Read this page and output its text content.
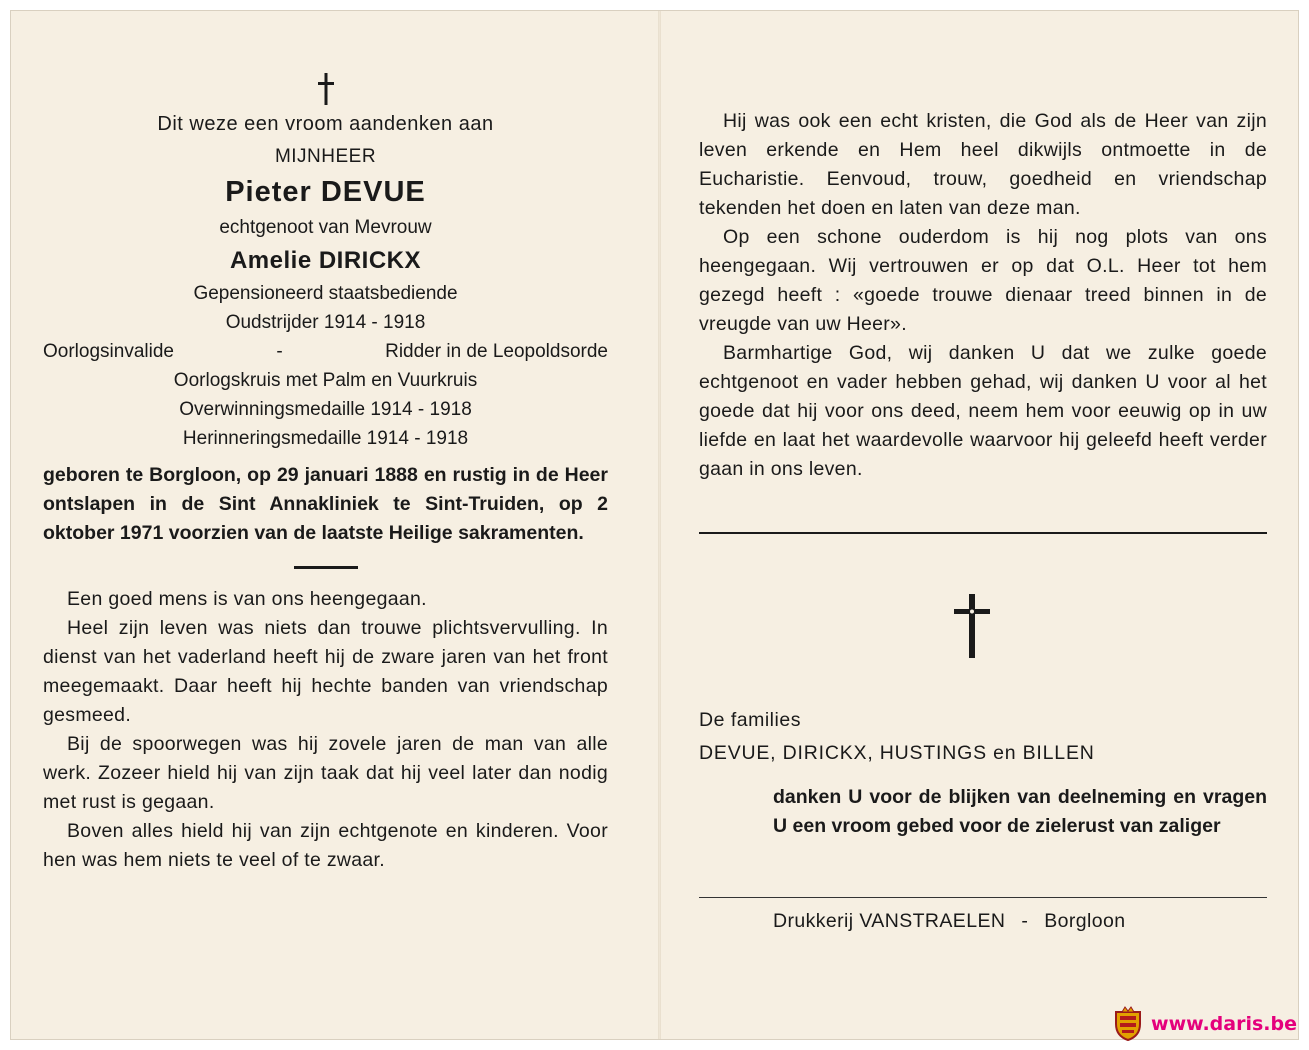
Dit weze een vroom aandenken aan
MIJNHEER
Pieter DEVUE
echtgenoot van Mevrouw
Amelie DIRICKX
Gepensioneerd staatsbediende
Oudstrijder 1914 - 1918
Oorlogsinvalide	-	Ridder in de Leopoldsorde
Oorlogskruis met Palm en Vuurkruis
Overwinningsmedaille 1914 - 1918
Herinneringsmedaille 1914 - 1918
geboren te Borgloon, op 29 januari 1888 en rustig in de Heer ontslapen in de Sint Annakliniek te Sint-Truiden, op 2 oktober 1971 voorzien van de laatste Heilige sakramenten.
Een goed mens is van ons heengegaan.
Heel zijn leven was niets dan trouwe plichtsvervulling. In dienst van het vaderland heeft hij de zware jaren van het front meegemaakt. Daar heeft hij hechte banden van vriendschap gesmeed.
Bij de spoorwegen was hij zovele jaren de man van alle werk. Zozeer hield hij van zijn taak dat hij veel later dan nodig met rust is gegaan.
Boven alles hield hij van zijn echtgenote en kinderen. Voor hen was hem niets te veel of te zwaar.
Hij was ook een echt kristen, die God als de Heer van zijn leven erkende en Hem heel dikwijls ontmoette in de Eucharistie. Eenvoud, trouw, goedheid en vriendschap tekenden het doen en laten van deze man.
Op een schone ouderdom is hij nog plots van ons heengegaan. Wij vertrouwen er op dat O.L. Heer tot hem gezegd heeft : «goede trouwe dienaar treed binnen in de vreugde van uw Heer».
Barmhartige God, wij danken U dat we zulke goede echtgenoot en vader hebben gehad, wij danken U voor al het goede dat hij voor ons deed, neem hem voor eeuwig op in uw liefde en laat het waardevolle waarvoor hij geleefd heeft verder gaan in ons leven.
De families
DEVUE, DIRICKX, HUSTINGS en BILLEN
danken U voor de blijken van deelneming en vragen U een vroom gebed voor de zielerust van zaliger
Drukkerij VANSTRAELEN - Borgloon
www.daris.be
